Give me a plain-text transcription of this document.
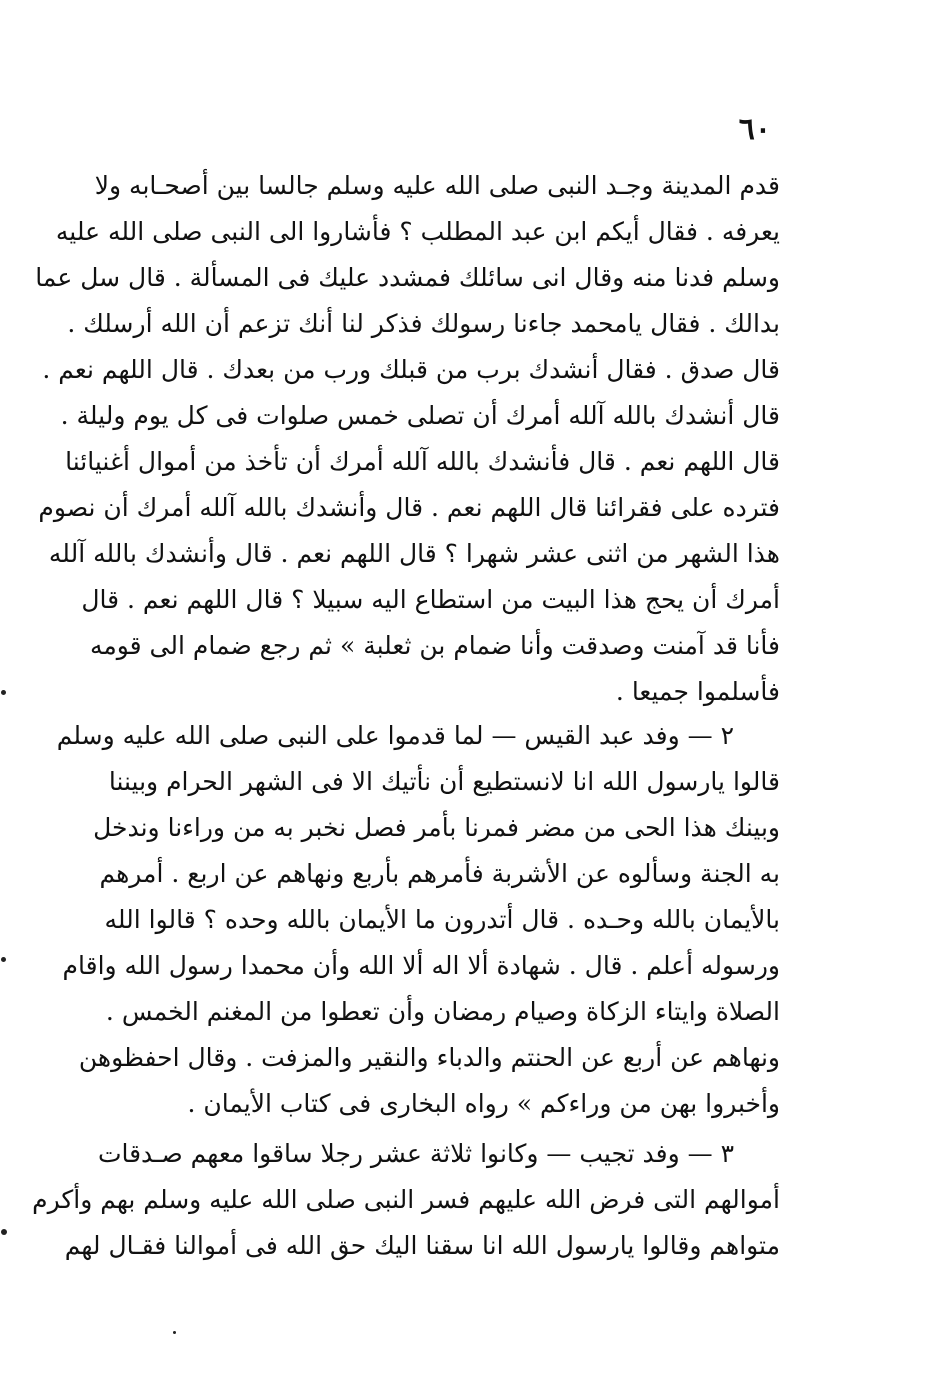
٦٠
قدم المدينة وجـد النبى صلى الله عليه وسلم جالسا بين أصحـابه ولا
يعرفه . فقال أيكم ابن عبد المطلب ؟ فأشاروا الى النبى صلى الله عليه
وسلم فدنا منه وقال انى سائلك فمشدد عليك فى المسألة . قال سل عما
بدالك . فقال يامحمد جاءنا رسولك فذكر لنا أنك تزعم أن الله أرسلك .
قال صدق . فقال أنشدك برب من قبلك ورب من بعدك . قال اللهم نعم .
قال أنشدك بالله آلله أمرك أن تصلى خمس صلوات فى كل يوم وليلة .
قال اللهم نعم . قال فأنشدك بالله آلله أمرك أن تأخذ من أموال أغنيائنا
فترده على فقرائنا قال اللهم نعم . قال وأنشدك بالله آلله أمرك أن نصوم
هذا الشهر من اثنى عشر شهرا ؟ قال اللهم نعم . قال وأنشدك بالله آلله
أمرك أن يحج هذا البيت من استطاع اليه سبيلا ؟ قال اللهم نعم . قال
فأنا قد آمنت وصدقت وأنا ضمام بن ثعلبة » ثم رجع ضمام الى قومه
فأسلموا جميعا .
٢ — وفد عبد القيس — لما قدموا على النبى صلى الله عليه وسلم
قالوا يارسول الله انا لانستطيع أن نأتيك الا فى الشهر الحرام وبيننا
وبينك هذا الحى من مضر فمرنا بأمر فصل نخبر به من وراءنا وندخل
به الجنة وسألوه عن الأشربة فأمرهم بأربع ونهاهم عن اربع . أمرهم
بالأيمان بالله وحـده . قال أتدرون ما الأيمان بالله وحده ؟ قالوا الله
ورسوله أعلم . قال . شهادة ألا اله ألا الله وأن محمدا رسول الله واقام
الصلاة وايتاء الزكاة وصيام رمضان وأن تعطوا من المغنم الخمس .
ونهاهم عن أربع عن الحنتم والدباء والنقير والمزفت . وقال احفظوهن
وأخبروا بهن من وراءكم » رواه البخارى فى كتاب الأيمان .
٣ — وفد تجيب — وكانوا ثلاثة عشر رجلا ساقوا معهم صـدقات
أموالهم التى فرض الله عليهم فسر النبى صلى الله عليه وسلم بهم وأكرم
متواهم وقالوا يارسول الله انا سقنا اليك حق الله فى أموالنا فقـال لهم
